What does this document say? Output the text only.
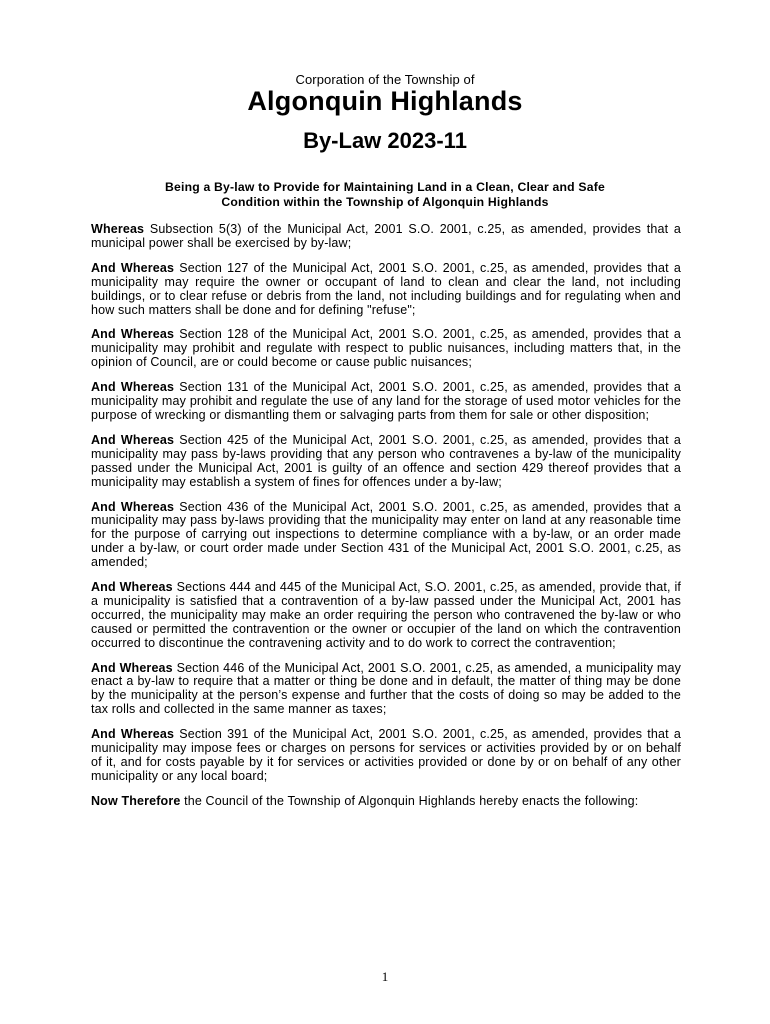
Corporation of the Township of
Algonquin Highlands
By-Law 2023-11
Being a By-law to Provide for Maintaining Land in a Clean, Clear and Safe
Condition within the Township of Algonquin Highlands

Whereas Subsection 5(3) of the Municipal Act, 2001 S.O. 2001, c.25, as amended, provides that a municipal power shall be exercised by by-law;

And Whereas Section 127 of the Municipal Act, 2001 S.O. 2001, c.25, as amended, provides that a municipality may require the owner or occupant of land to clean and clear the land, not including buildings, or to clear refuse or debris from the land, not including buildings and for regulating when and how such matters shall be done and for defining "refuse";

And Whereas Section 128 of the Municipal Act, 2001 S.O. 2001, c.25, as amended, provides that a municipality may prohibit and regulate with respect to public nuisances, including matters that, in the opinion of Council, are or could become or cause public nuisances;

And Whereas Section 131 of the Municipal Act, 2001 S.O. 2001, c.25, as amended, provides that a municipality may prohibit and regulate the use of any land for the storage of used motor vehicles for the purpose of wrecking or dismantling them or salvaging parts from them for sale or other disposition;

And Whereas Section 425 of the Municipal Act, 2001 S.O. 2001, c.25, as amended, provides that a municipality may pass by-laws providing that any person who contravenes a by-law of the municipality passed under the Municipal Act, 2001 is guilty of an offence and section 429 thereof provides that a municipality may establish a system of fines for offences under a by-law;

And Whereas Section 436 of the Municipal Act, 2001 S.O. 2001, c.25, as amended, provides that a municipality may pass by-laws providing that the municipality may enter on land at any reasonable time for the purpose of carrying out inspections to determine compliance with a by-law, or an order made under a by-law, or court order made under Section 431 of the Municipal Act, 2001 S.O. 2001, c.25, as amended;

And Whereas Sections 444 and 445 of the Municipal Act, S.O. 2001, c.25, as amended, provide that, if a municipality is satisfied that a contravention of a by-law passed under the Municipal Act, 2001 has occurred, the municipality may make an order requiring the person who contravened the by-law or who caused or permitted the contravention or the owner or occupier of the land on which the contravention occurred to discontinue the contravening activity and to do work to correct the contravention;

And Whereas Section 446 of the Municipal Act, 2001 S.O. 2001, c.25, as amended, a municipality may enact a by-law to require that a matter or thing be done and in default, the matter of thing may be done by the municipality at the person’s expense and further that the costs of doing so may be added to the tax rolls and collected in the same manner as taxes;

And Whereas Section 391 of the Municipal Act, 2001 S.O. 2001, c.25, as amended, provides that a municipality may impose fees or charges on persons for services or activities provided by or on behalf of it, and for costs payable by it for services or activities provided or done by or on behalf of any other municipality or any local board;

Now Therefore the Council of the Township of Algonquin Highlands hereby enacts the following:

1
